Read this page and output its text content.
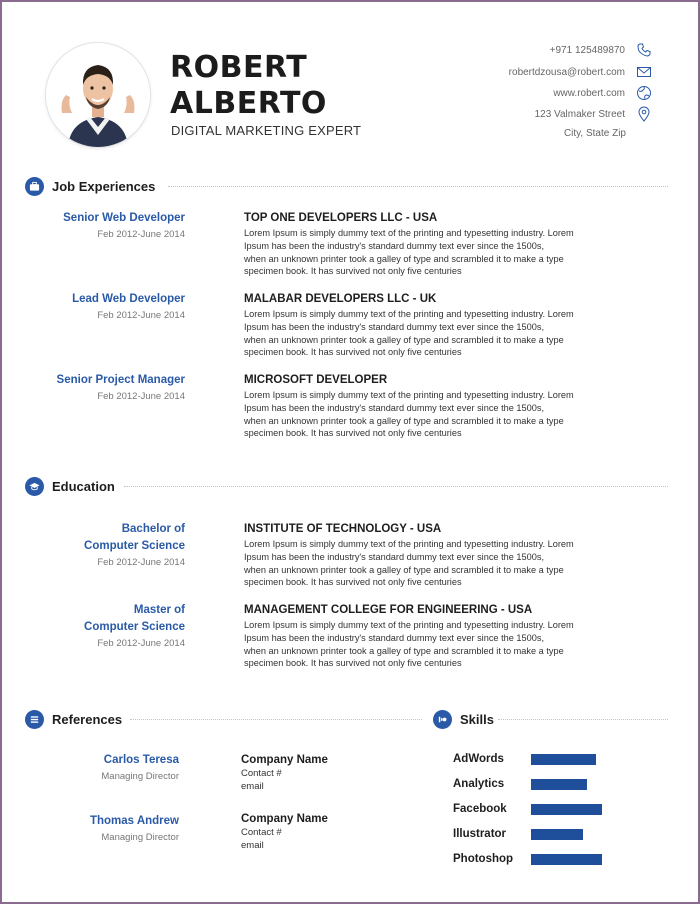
ROBERT
ALBERTO
DIGITAL MARKETING EXPERT
+971 125489870
robertdzousa@robert.com
www.robert.com
123 Valmaker Street
City, State Zip
Job Experiences
Senior Web Developer
Feb 2012-June 2014
TOP ONE DEVELOPERS LLC - USA
Lorem Ipsum is simply dummy text of the printing and typesetting industry. Lorem
Ipsum has been the industry's standard dummy text ever since the 1500s,
when an unknown printer took a galley of type and scrambled it to make a type
specimen book. It has survived not only five centuries
Lead Web Developer
Feb 2012-June 2014
MALABAR DEVELOPERS LLC - UK
Lorem Ipsum is simply dummy text of the printing and typesetting industry. Lorem
Ipsum has been the industry's standard dummy text ever since the 1500s,
when an unknown printer took a galley of type and scrambled it to make a type
specimen book. It has survived not only five centuries
Senior Project Manager
Feb 2012-June 2014
MICROSOFT DEVELOPER
Lorem Ipsum is simply dummy text of the printing and typesetting industry. Lorem
Ipsum has been the industry's standard dummy text ever since the 1500s,
when an unknown printer took a galley of type and scrambled it to make a type
specimen book. It has survived not only five centuries
Education
Bachelor of
Computer Science
Feb 2012-June 2014
INSTITUTE OF TECHNOLOGY - USA
Lorem Ipsum is simply dummy text of the printing and typesetting industry. Lorem
Ipsum has been the industry's standard dummy text ever since the 1500s,
when an unknown printer took a galley of type and scrambled it to make a type
specimen book. It has survived not only five centuries
Master of
Computer Science
Feb 2012-June 2014
MANAGEMENT COLLEGE FOR ENGINEERING - USA
Lorem Ipsum is simply dummy text of the printing and typesetting industry. Lorem
Ipsum has been the industry's standard dummy text ever since the 1500s,
when an unknown printer took a galley of type and scrambled it to make a type
specimen book. It has survived not only five centuries
References
Carlos Teresa
Managing Director
Company Name
Contact #
email
Thomas Andrew
Managing Director
Company Name
Contact #
email
Skills
AdWords
Analytics
Facebook
Illustrator
Photoshop
